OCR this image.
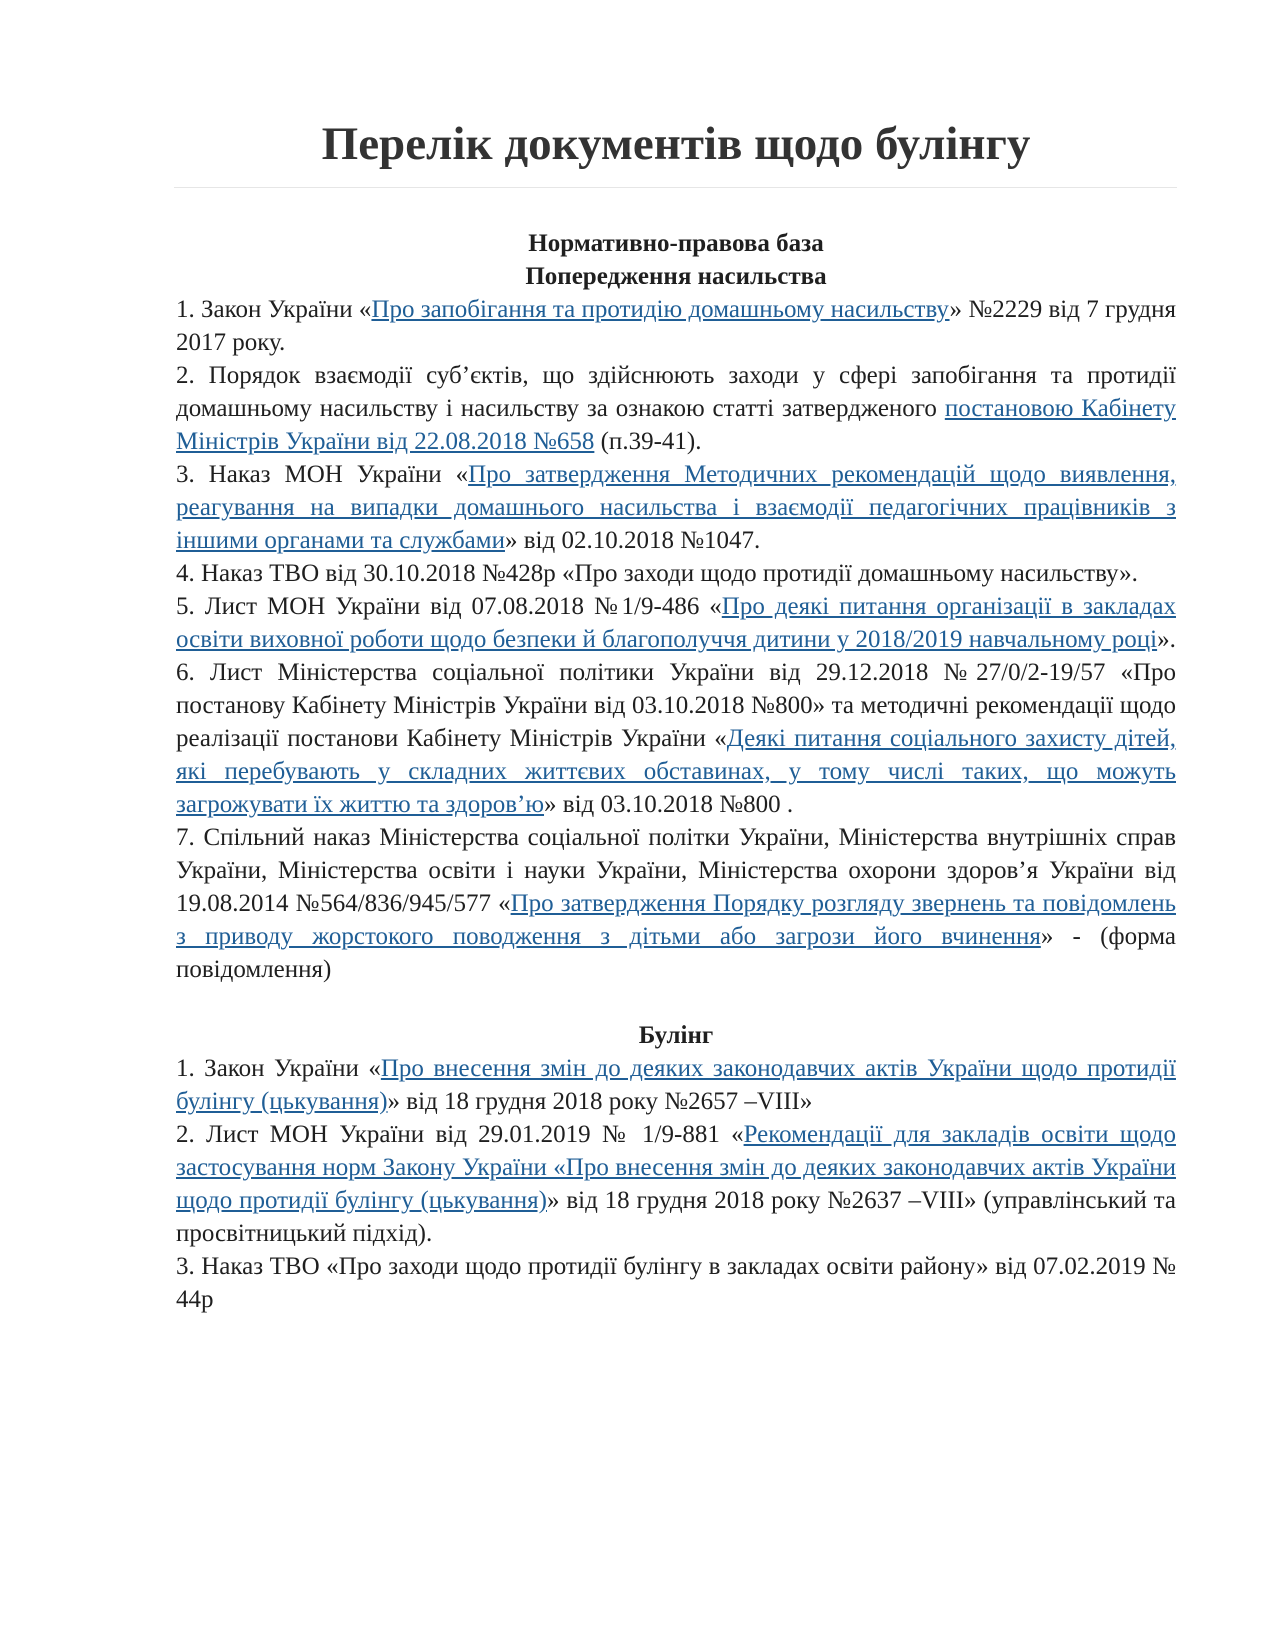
Перелік документів щодо булінгу

Нормативно-правова база

Попередження насильства

1. Закон України «Про запобігання та протидію домашньому насильству» №2229 від 7 грудня 2017 року.

2. Порядок взаємодії суб’єктів, що здійснюють заходи у сфері запобігання та протидії домашньому насильству і насильству за ознакою статті затвердженого постановою Кабінету Міністрів України від 22.08.2018 №658 (п.39-41).

3. Наказ МОН України «Про затвердження Методичних рекомендацій щодо виявлення, реагування на випадки домашнього насильства і взаємодії педагогічних працівників з іншими органами та службами» від 02.10.2018 №1047.

4. Наказ ТВО від 30.10.2018 №428р «Про заходи щодо протидії домашньому насильству».

5. Лист МОН України від 07.08.2018 №1/9-486 «Про деякі питання організації в закладах освіти виховної роботи щодо безпеки й благополуччя дитини у 2018/2019 навчальному році».

6. Лист Міністерства соціальної політики України від 29.12.2018 №27/0/2-19/57 «Про постанову Кабінету Міністрів України від 03.10.2018 №800» та методичні рекомендації щодо реалізації постанови Кабінету Міністрів України «Деякі питання соціального захисту дітей, які перебувають у складних життєвих обставинах, у тому числі таких, що можуть загрожувати їх життю та здоров’ю» від 03.10.2018 №800 .

7. Спільний наказ Міністерства соціальної політки України, Міністерства внутрішніх справ України, Міністерства освіти і науки України, Міністерства охорони здоров’я України від 19.08.2014 №564/836/945/577 «Про затвердження Порядку розгляду звернень та повідомлень з приводу жорстокого поводження з дітьми або загрози його вчинення» - (форма повідомлення)

Булінг

1. Закон України «Про внесення змін до деяких законодавчих актів України щодо протидії булінгу (цькування)» від 18 грудня 2018 року №2657 –VIII»

2. Лист МОН України від 29.01.2019 № 1/9-881 «Рекомендації для закладів освіти щодо застосування норм Закону України «Про внесення змін до деяких законодавчих актів України щодо протидії булінгу (цькування)» від 18 грудня 2018 року №2637 –VIII» (управлінський та просвітницький підхід).

3. Наказ ТВО «Про заходи щодо протидії булінгу в закладах освіти району» від 07.02.2019 № 44р
